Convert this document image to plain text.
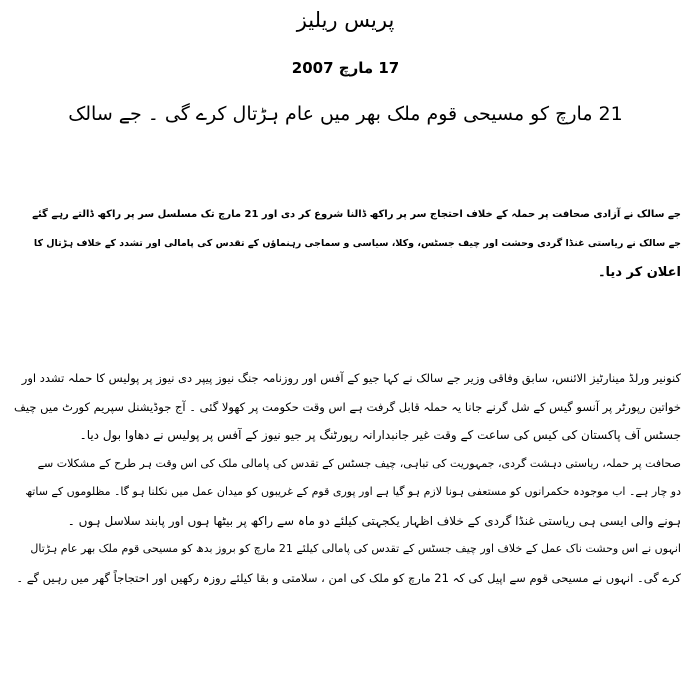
پریس ریلیز
17 مارچ 2007
21 مارچ کو مسیحی قوم ملک بھر میں عام ہڑتال کرے گی ۔ جے سالک
جے سالک نے آزادی صحافت پر حملہ کے خلاف احتجاج سر پر راکھ ڈالنا شروع کر دی اور 21 مارچ تک مسلسل سر پر راکھ ڈالتے رہے گئے
جے سالک نے ریاستی غنڈا گردی وحشت اور چیف جسٹس، وکلا، سیاسی و سماجی رہنماؤں کے تقدس کی پامالی اور تشدد کے خلاف ہڑتال کا
اعلان کر دیا۔
کنونیر ورلڈ مینارٹیز الائنس، سابق وفاقی وزیر جے سالک نے کہا جیو کے آفس اور روزنامہ جنگ نیوز پیپر دی نیوز پر پولیس کا حملہ تشدد اور
خواتین رپورٹر پر آنسو گیس کے شل گرنے جانا یہ حملہ قابل گرفت ہے اس وقت حکومت پر کھولا گئی ۔ آج جوڈیشنل سپریم کورٹ میں چیف
جسٹس آف پاکستان کی کیس کی ساعت کے وقت غیر جانبدارانہ رپورٹنگ پر جیو نیوز کے آفس پر پولیس نے دھاوا بول دیا۔
صحافت پر حملہ، ریاستی دہشت گردی، جمہوریت کی تباہی، چیف جسٹس کے تقدس کی پامالی ملک کی اس وقت ہر طرح کے مشکلات سے
دو چار ہے۔ اب موجودہ حکمرانوں کو مستعفی ہونا لازم ہو گیا ہے اور پوری قوم کے غریبوں کو میدان عمل میں نکلنا ہو گا۔ مظلوموں کے ساتھ
ہونے والی ایسی ہی ریاستی غنڈا گردی کے خلاف اظہار یکجہتی کیلئے دو ماہ سے راکھ پر بیٹھا ہوں اور پابند سلاسل ہوں ۔
انہوں نے اس وحشت ناک عمل کے خلاف اور چیف جسٹس کے تقدس کی پامالی کیلئے 21 مارچ کو بروز بدھ کو مسیحی قوم ملک بھر عام ہڑتال
کرے گی۔ انہوں نے مسیحی قوم سے اپیل کی کہ 21 مارچ کو ملک کی امن ، سلامتی و بقا کیلئے روزہ رکھیں اور احتجاجاً گھر میں رہیں گے ۔
